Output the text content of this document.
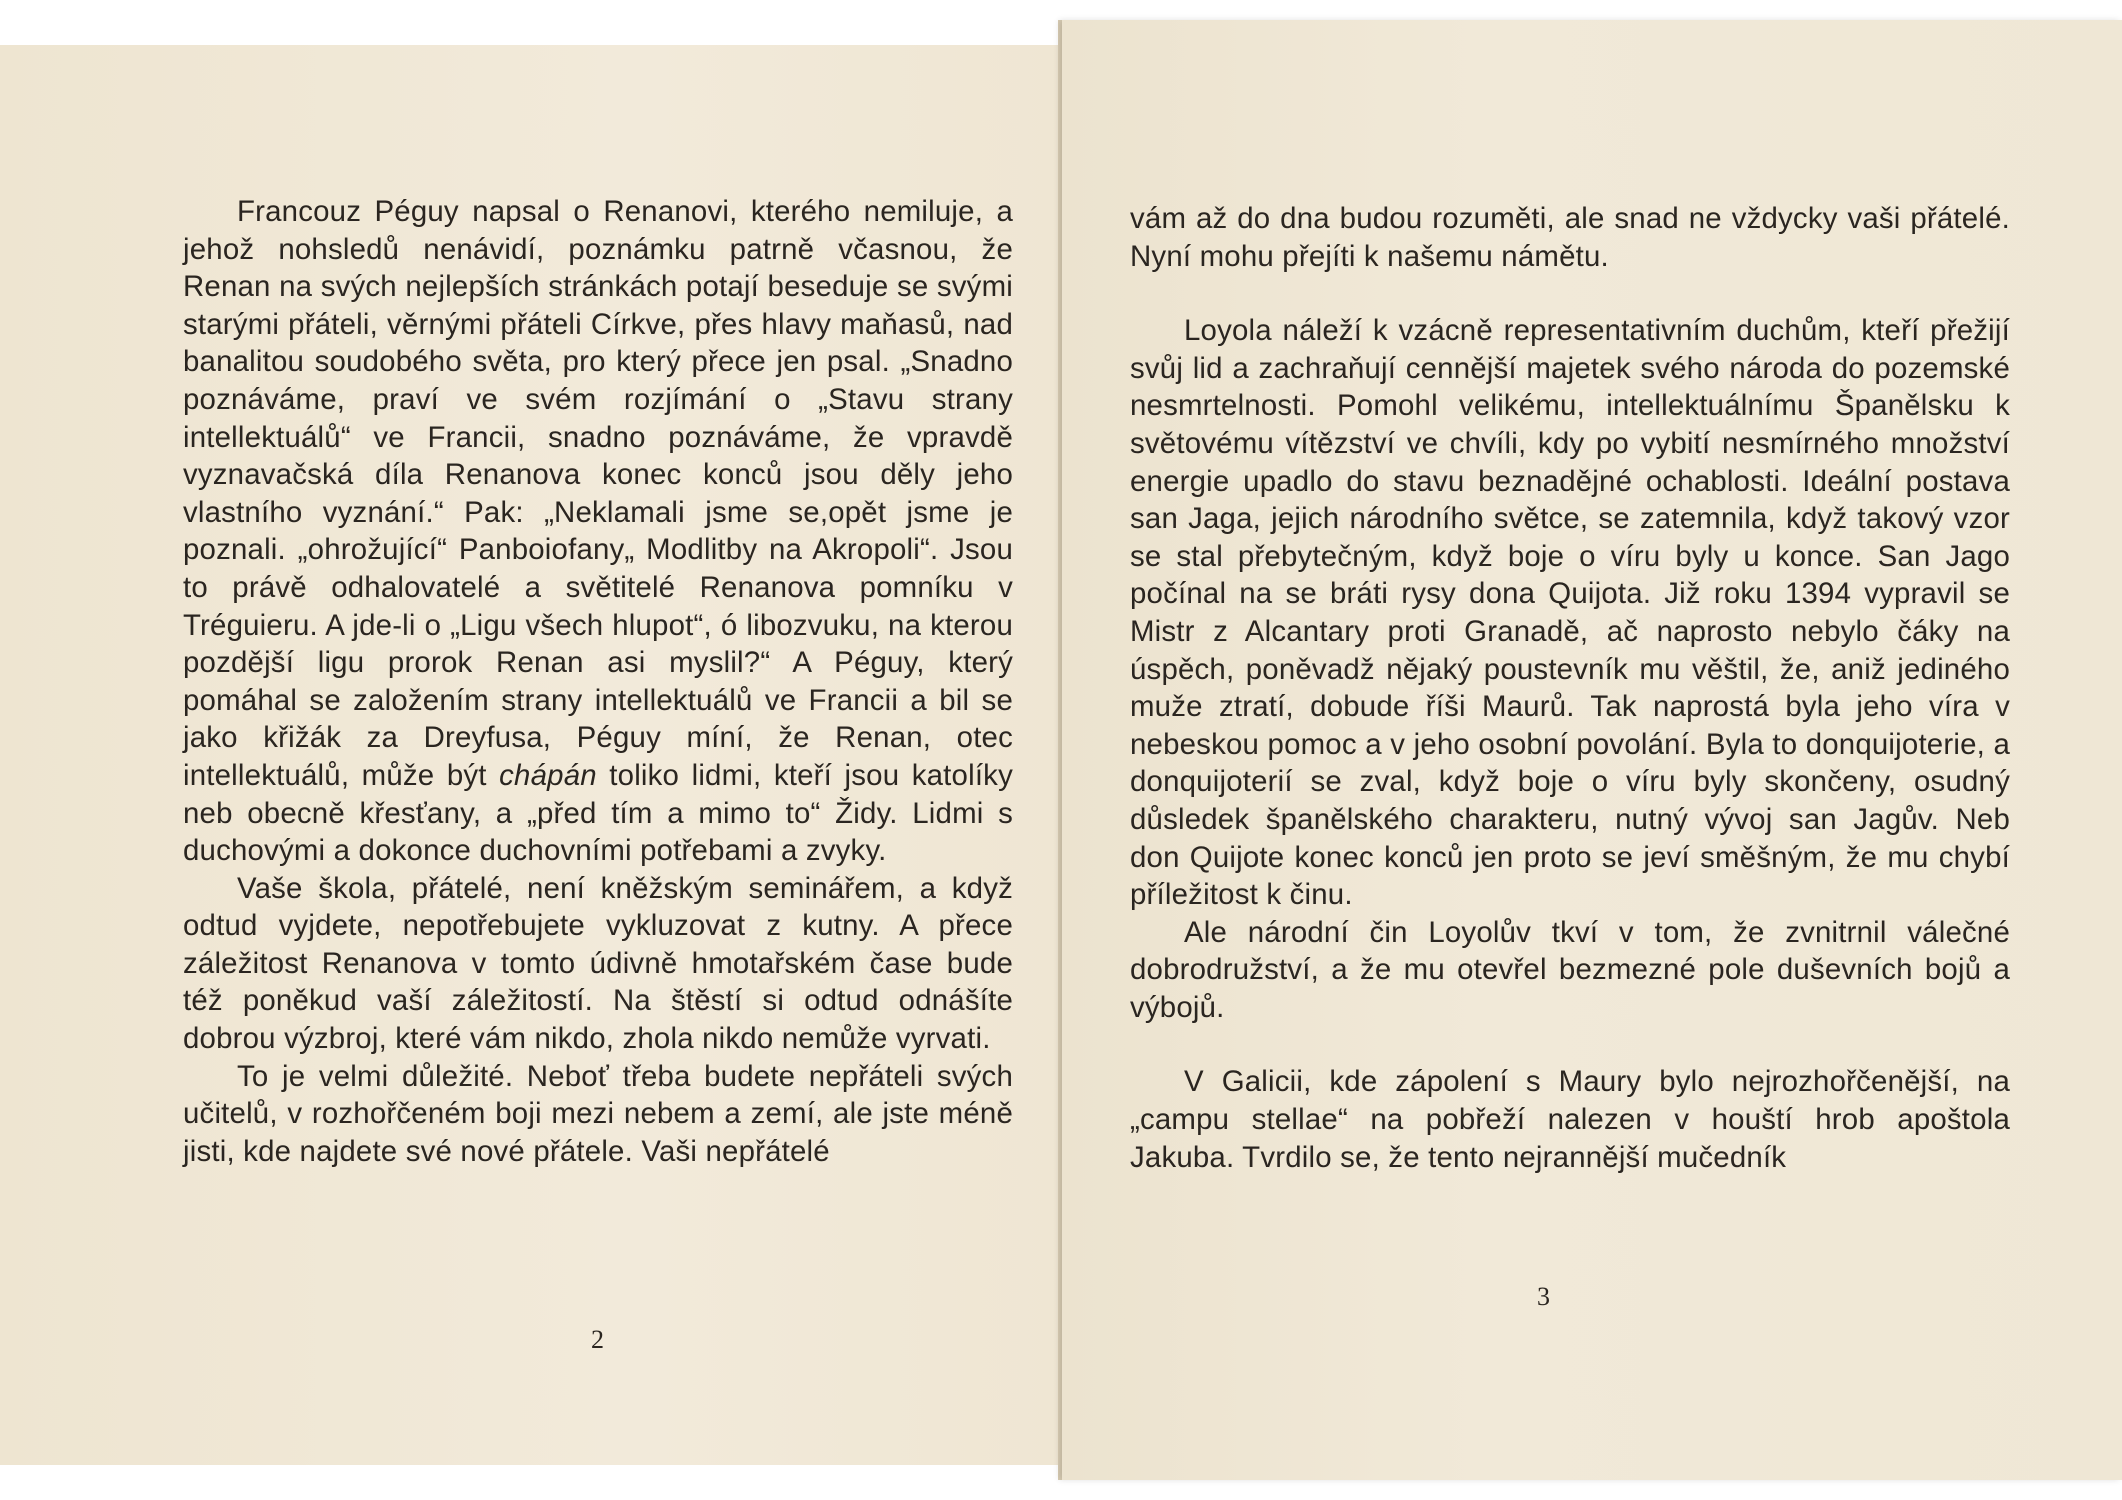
Francouz Péguy napsal o Renanovi, kterého nemiluje, a jehož nohsledů nenávidí, poznámku patrně včasnou, že Renan na svých nejlepších stránkách potají beseduje se svými starými přáteli, věrnými přáteli Církve, přes hlavy maňasů, nad banalitou soudobého světa, pro který přece jen psal. „Snadno poznáváme, praví ve svém rozjímání o „Stavu strany intellektuálů“ ve Francii, snadno poznáváme, že vpravdě vyznavačská díla Renanova konec konců jsou děly jeho vlastního vyznání.“ Pak: „Neklamali jsme se,opět jsme je poznali. „ohrožující“ Panboiofany„ Modlitby na Akropoli“. Jsou to právě odhalovatelé a světitelé Renanova pomníku v Tréguieru. A jde-li o „Ligu všech hlupot“, ó libozvuku, na kterou pozdější ligu prorok Renan asi myslil?“ A Péguy, který pomáhal se založením strany intellektuálů ve Francii a bil se jako křižák za Dreyfusa, Péguy míní, že Renan, otec intellektuálů, může být chápán toliko lidmi, kteří jsou katolíky neb obecně křesťany, a „před tím a mimo to“ Židy. Lidmi s duchovými a dokonce duchovními potřebami a zvyky.

Vaše škola, přátelé, není kněžským seminářem, a když odtud vyjdete, nepotřebujete vykluzovat z kutny. A přece záležitost Renanova v tomto údivně hmotařském čase bude též poněkud vaší záležitostí. Na štěstí si odtud odnášíte dobrou výzbroj, které vám nikdo, zhola nikdo nemůže vyrvati.

To je velmi důležité. Neboť třeba budete nepřáteli svých učitelů, v rozhořčeném boji mezi nebem a zemí, ale jste méně jisti, kde najdete své nové přátele. Vaši nepřátelé

2

vám až do dna budou rozuměti, ale snad ne vždycky vaši přátelé. Nyní mohu přejíti k našemu námětu.

Loyola náleží k vzácně representativním duchům, kteří přežijí svůj lid a zachraňují cennější majetek svého národa do pozemské nesmrtelnosti. Pomohl velikému, intellektuálnímu Španělsku k světovému vítězství ve chvíli, kdy po vybití nesmírného množství energie upadlo do stavu beznadějné ochablosti. Ideální postava san Jaga, jejich národního světce, se zatemnila, když takový vzor se stal přebytečným, když boje o víru byly u konce. San Jago počínal na se bráti rysy dona Quijota. Již roku 1394 vypravil se Mistr z Alcantary proti Granadě, ač naprosto nebylo čáky na úspěch, poněvadž nějaký poustevník mu věštil, že, aniž jediného muže ztratí, dobude říši Maurů. Tak naprostá byla jeho víra v nebeskou pomoc a v jeho osobní povolání. Byla to donquijoterie, a donquijoterií se zval, když boje o víru byly skončeny, osudný důsledek španělského charakteru, nutný vývoj san Jagův. Neb don Quijote konec konců jen proto se jeví směšným, že mu chybí příležitost k činu.

Ale národní čin Loyolův tkví v tom, že zvnitrnil válečné dobrodružství, a že mu otevřel bezmezné pole duševních bojů a výbojů.

V Galicii, kde zápolení s Maury bylo nejrozhořčenější, na „campu stellae“ na pobřeží nalezen v houští hrob apoštola Jakuba. Tvrdilo se, že tento nejrannější mučedník

3
